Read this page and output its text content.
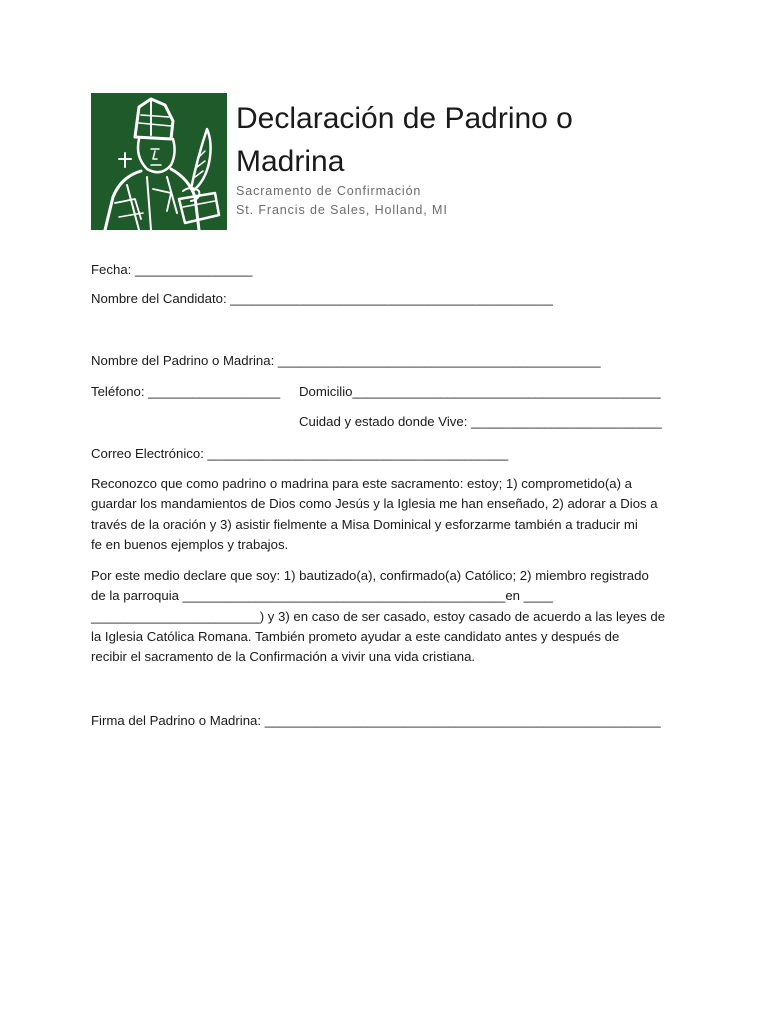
Declaración de Padrino o
Madrina
Sacramento de Confirmación
St. Francis de Sales, Holland, MI
Fecha: ________________
Nombre del Candidato: ____________________________________________
Nombre del Padrino o Madrina: ____________________________________________
Teléfono: __________________ Domicilio__________________________________________
Cuidad y estado donde Vive: __________________________
Correo Electrónico: _________________________________________

Reconozco que como padrino o madrina para este sacramento: estoy; 1) comprometido(a) a

guardar los mandamientos de Dios como Jesús y la Iglesia me han enseñado, 2) adorar a Dios a

través de la oración y 3) asistir fielmente a Misa Dominical y esforzarme también a traducir mi

fe en buenos ejemplos y trabajos.

Por este medio declare que soy: 1) bautizado(a), confirmado(a) Católico; 2) miembro registrado

de la parroquia ____________________________________________en ____

_______________________) y 3) en caso de ser casado, estoy casado de acuerdo a las leyes de

la Iglesia Católica Romana. También prometo ayudar a este candidato antes y después de

recibir el sacramento de la Confirmación a vivir una vida cristiana.

Firma del Padrino o Madrina: ______________________________________________________
